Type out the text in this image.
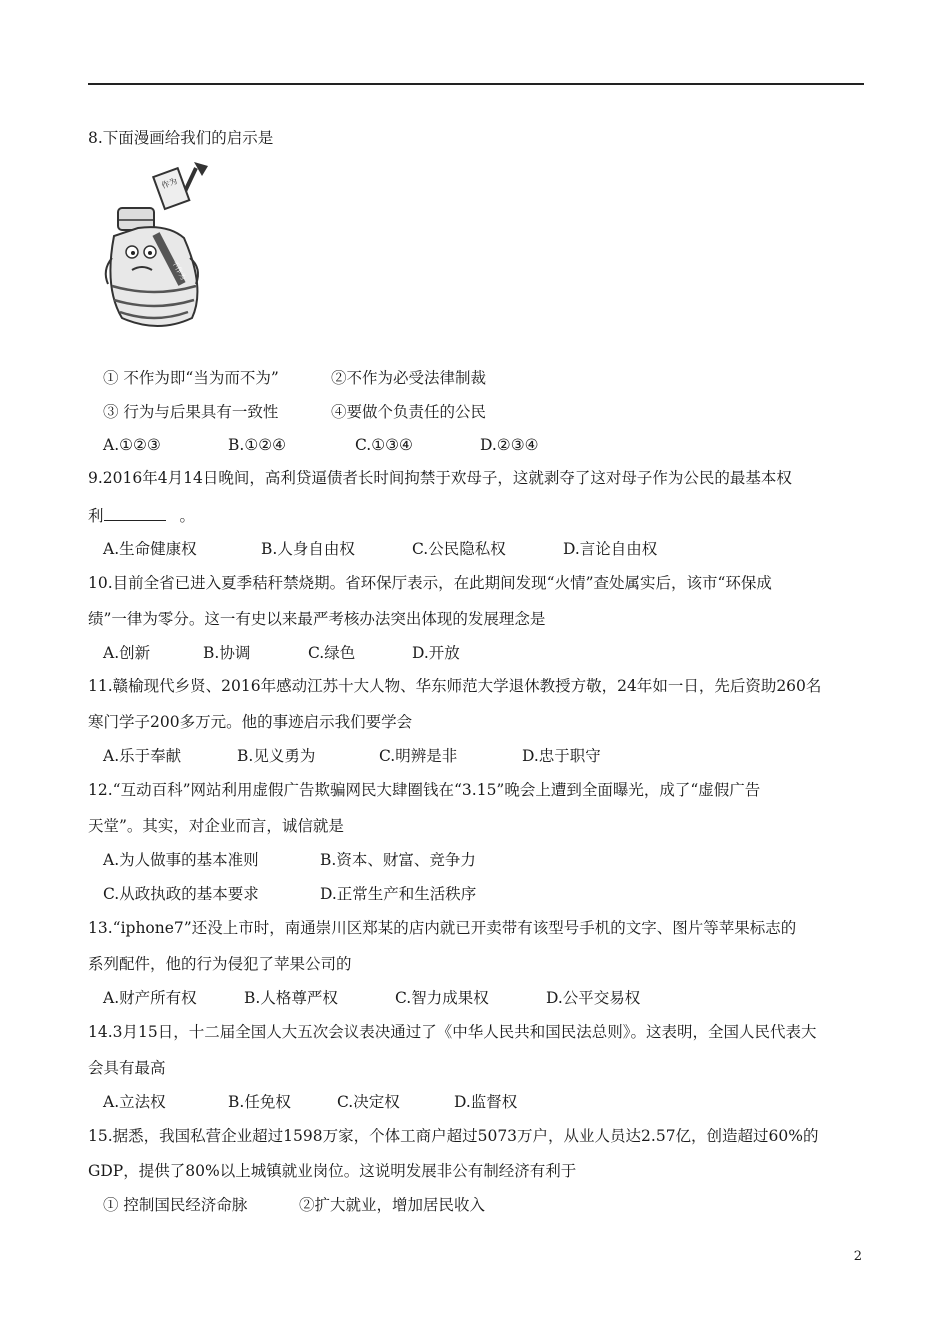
8.下面漫画给我们的启示是
作为
不作为
① 不作为即“当为而不为”	②不作为必受法律制裁
③ 行为与后果具有一致性	④要做个负责任的公民
A.①②③	B.①②④	C.①③④	D.②③④
9.2016年4月14日晚间，高利贷逼债者长时间拘禁于欢母子，这就剥夺了这对母子作为公民的最基本权
利	。
A.生命健康权	B.人身自由权	C.公民隐私权	D.言论自由权
10.目前全省已进入夏季秸秆禁烧期。省环保厅表示，在此期间发现“火情”查处属实后，该市“环保成
绩”一律为零分。这一有史以来最严考核办法突出体现的发展理念是
A.创新	B.协调	C.绿色	D.开放
11.赣榆现代乡贤、2016年感动江苏十大人物、华东师范大学退休教授方敬，24年如一日，先后资助260名
寒门学子200多万元。他的事迹启示我们要学会
A.乐于奉献	B.见义勇为	C.明辨是非	D.忠于职守
12.“互动百科”网站利用虚假广告欺骗网民大肆圈钱在“3.15”晚会上遭到全面曝光，成了“虚假广告
天堂”。其实，对企业而言，诚信就是
A.为人做事的基本准则	B.资本、财富、竞争力
C.从政执政的基本要求	D.正常生产和生活秩序
13.“iphone7”还没上市时，南通崇川区郑某的店内就已开卖带有该型号手机的文字、图片等苹果标志的
系列配件，他的行为侵犯了苹果公司的
A.财产所有权	B.人格尊严权	C.智力成果权	D.公平交易权
14.3月15日，十二届全国人大五次会议表决通过了《中华人民共和国民法总则》。这表明，全国人民代表大
会具有最高
A.立法权	B.任免权	C.决定权	D.监督权
15.据悉，我国私营企业超过1598万家，个体工商户超过5073万户，从业人员达2.57亿，创造超过60%的
GDP，提供了80%以上城镇就业岗位。这说明发展非公有制经济有利于
① 控制国民经济命脉	②扩大就业，增加居民收入
2
